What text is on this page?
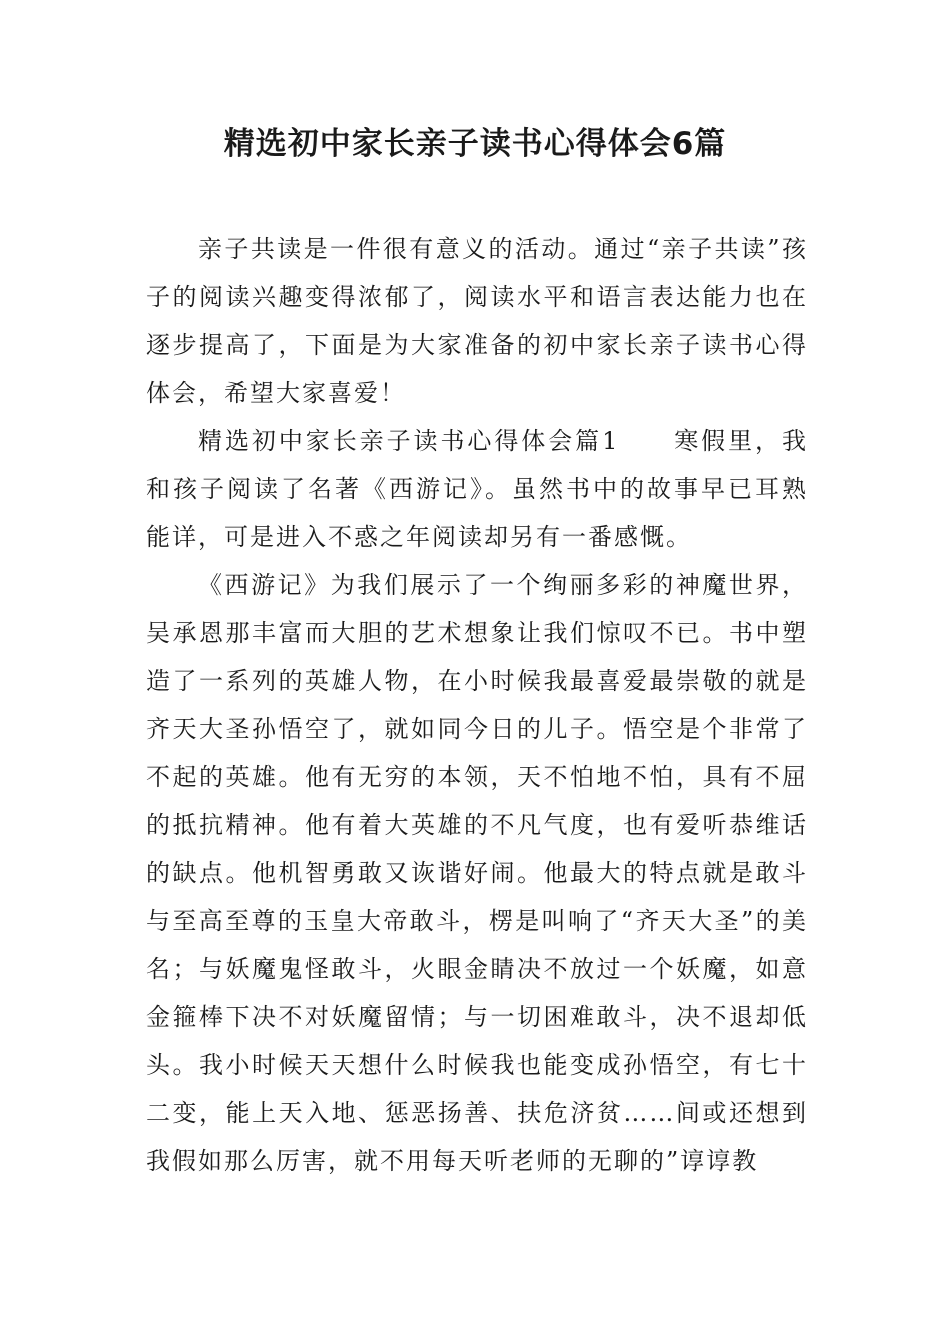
精选初中家长亲子读书心得体会6篇

亲子共读是一件很有意义的活动。通过“亲子共读”孩子的阅读兴趣变得浓郁了，阅读水平和语言表达能力也在逐步提高了，下面是为大家准备的初中家长亲子读书心得体会，希望大家喜爱！

精选初中家长亲子读书心得体会篇1　　寒假里，我和孩子阅读了名著《西游记》。虽然书中的故事早已耳熟能详，可是进入不惑之年阅读却另有一番感慨。

《西游记》为我们展示了一个绚丽多彩的神魔世界，吴承恩那丰富而大胆的艺术想象让我们惊叹不已。书中塑造了一系列的英雄人物，在小时候我最喜爱最崇敬的就是齐天大圣孙悟空了，就如同今日的儿子。悟空是个非常了不起的英雄。他有无穷的本领，天不怕地不怕，具有不屈的抵抗精神。他有着大英雄的不凡气度，也有爱听恭维话的缺点。他机智勇敢又诙谐好闹。他最大的特点就是敢斗与至高至尊的玉皇大帝敢斗，楞是叫响了“齐天大圣”的美名；与妖魔鬼怪敢斗，火眼金睛决不放过一个妖魔，如意金箍棒下决不对妖魔留情；与一切困难敢斗，决不退却低头。我小时候天天想什么时候我也能变成孙悟空，有七十二变，能上天入地、惩恶扬善、扶危济贫……间或还想到我假如那么厉害，就不用每天听老师的无聊的”谆谆教
